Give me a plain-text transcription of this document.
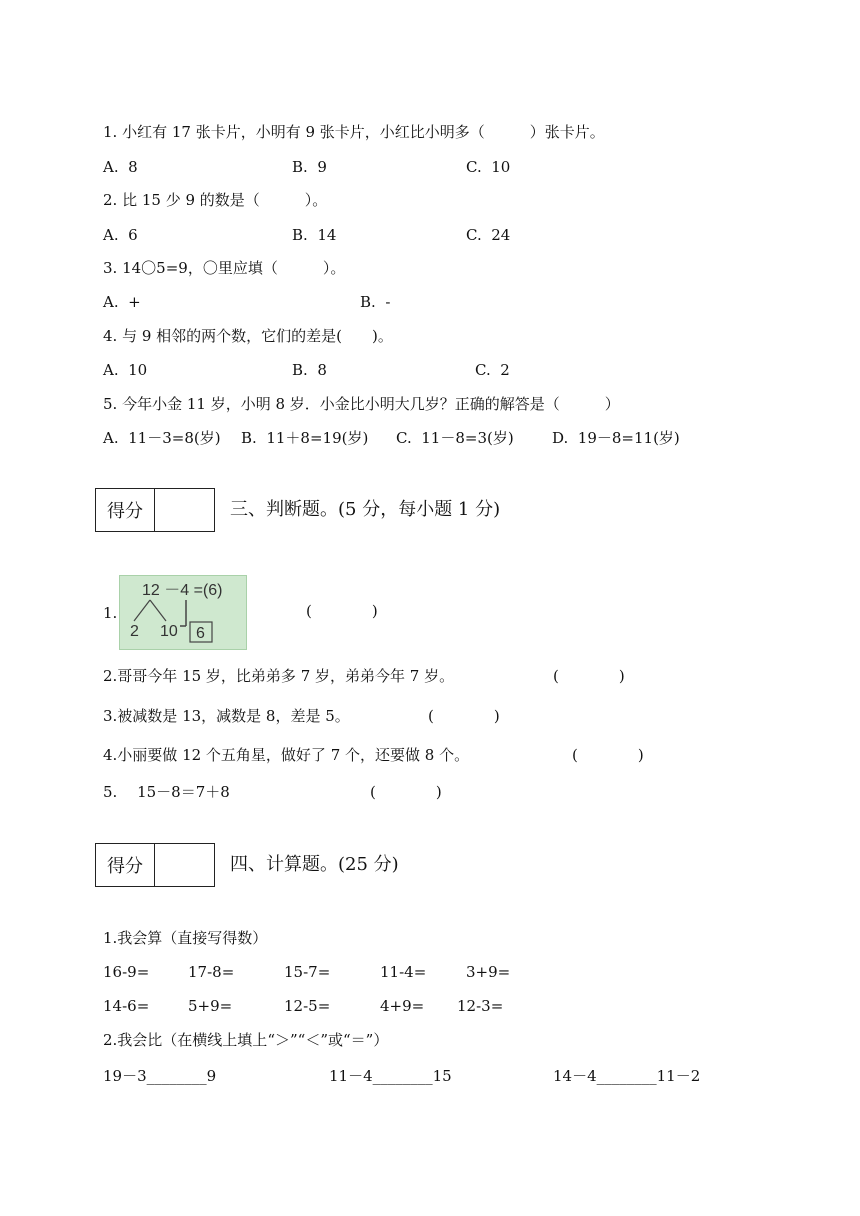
1. 小红有 17 张卡片，小明有 9 张卡片，小红比小明多（　　　）张卡片。
A.  8	B.  9	C.  10
2. 比 15 少 9 的数是（　　　）。
A.  6	B.  14	C.  24
3. 14〇5=9，〇里应填（　　　）。
A.  +	B.  -
4. 与 9 相邻的两个数，它们的差是(　　)。
A.  10	B.  8	C.  2
5. 今年小金 11 岁，小明 8 岁．小金比小明大几岁？正确的解答是（　　　）
A.  11－3=8(岁) B.  11＋8=19(岁) C.  11－8=3(岁)	D.  19－8=11(岁)
得分	三、判断题。(5 分，每小题 1 分)
1.
12 －4 =(6)
2 10 6
(　　　　)
2.哥哥今年 15 岁，比弟弟多 7 岁，弟弟今年 7 岁。	(　　　　)
3.被减数是 13，减数是 8，差是 5。	(　　　　)
4.小丽要做 12 个五角星，做好了 7 个，还要做 8 个。	(　　　　)
5.　 15－8＝7＋8	(　　　　)
得分	四、计算题。(25 分)
1.我会算（直接写得数）
16-9=	17-8=	15-7=	11-4=	3+9=
14-6=	5+9=	12-5=	4+9= 12-3=
2.我会比（在横线上填上“＞”“＜”或“＝”）
19－3________9	11－4________15	14－4________11－2
